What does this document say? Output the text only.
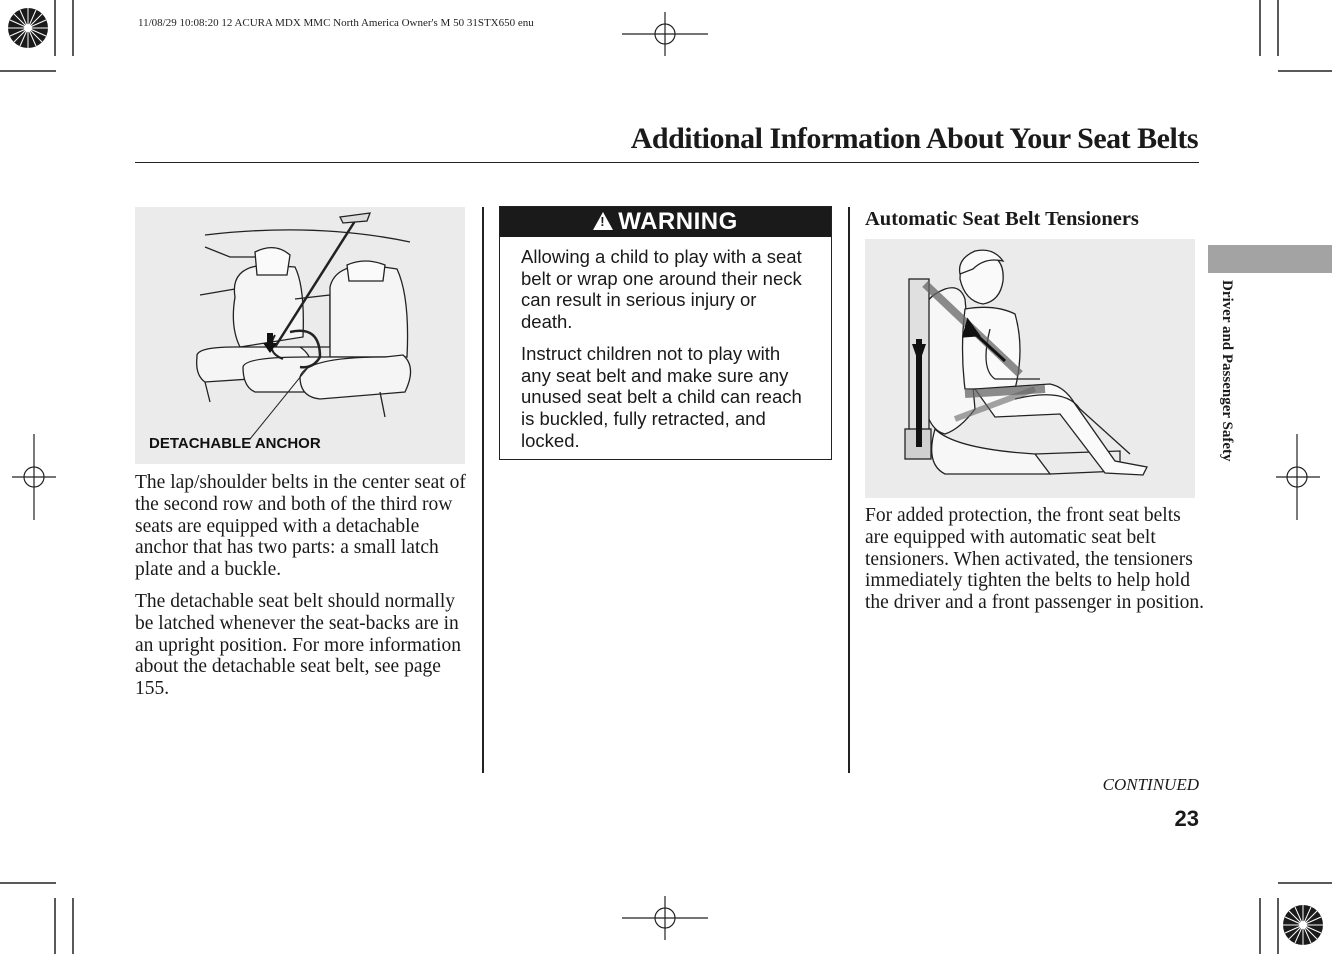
11/08/29 10:08:20 12 ACURA MDX MMC North America Owner's M 50 31STX650 enu
Additional Information About Your Seat Belts
DETACHABLE ANCHOR

The lap/shoulder belts in the center seat of the second row and both of the third row seats are equipped with a detachable anchor that has two parts: a small latch plate and a buckle.

The detachable seat belt should normally be latched whenever the seat-backs are in an upright position. For more information about the detachable seat belt, see page 155.

!
WARNING

Allowing a child to play with a seat belt or wrap one around their neck can result in serious injury or death.

Instruct children not to play with any seat belt and make sure any unused seat belt a child can reach is buckled, fully retracted, and locked.

Automatic Seat Belt Tensioners

For added protection, the front seat belts are equipped with automatic seat belt tensioners. When activated, the tensioners immediately tighten the belts to help hold the driver and a front passenger in position.

Driver and Passenger Safety
CONTINUED
23
